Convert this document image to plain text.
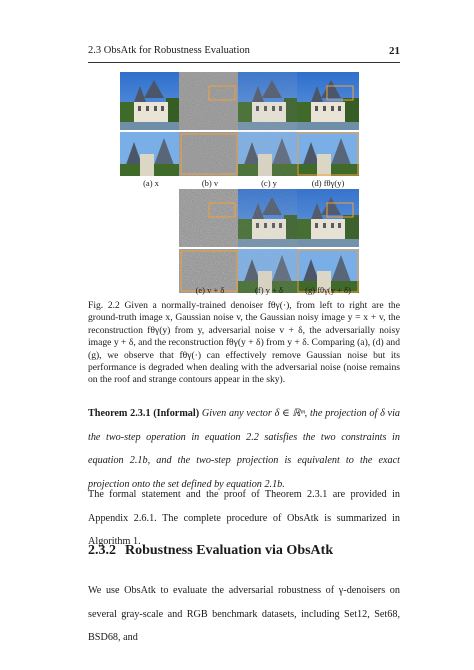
2.3 ObsAtk for Robustness Evaluation	21
(a) x	(b) v	(c) y	(d) fθγ(y)
(e) v + δ	(f) y + δ	(g) fθγ(y + δ)
Fig. 2.2 Given a normally-trained denoiser fθγ(·), from left to right are the ground-truth image x, Gaussian noise v, the Gaussian noisy image y = x + v, the reconstruction fθγ(y) from y, adversarial noise v + δ, the adversarially noisy image y + δ, and the reconstruction fθγ(y + δ) from y + δ. Comparing (a), (d) and (g), we observe that fθγ(·) can effectively remove Gaussian noise but its performance is degraded when dealing with the adversarial noise (noise remains on the roof and strange contours appear in the sky).
Theorem 2.3.1 (Informal) Given any vector δ ∈ ℝᵐ, the projection of δ via the two-step operation in equation 2.2 satisfies the two constraints in equation 2.1b, and the two-step projection is equivalent to the exact projection onto the set defined by equation 2.1b.
The formal statement and the proof of Theorem 2.3.1 are provided in Appendix 2.6.1. The complete procedure of ObsAtk is summarized in Algorithm 1.
2.3.2 Robustness Evaluation via ObsAtk
We use ObsAtk to evaluate the adversarial robustness of γ-denoisers on several gray-scale and RGB benchmark datasets, including Set12, Set68, BSD68, and
